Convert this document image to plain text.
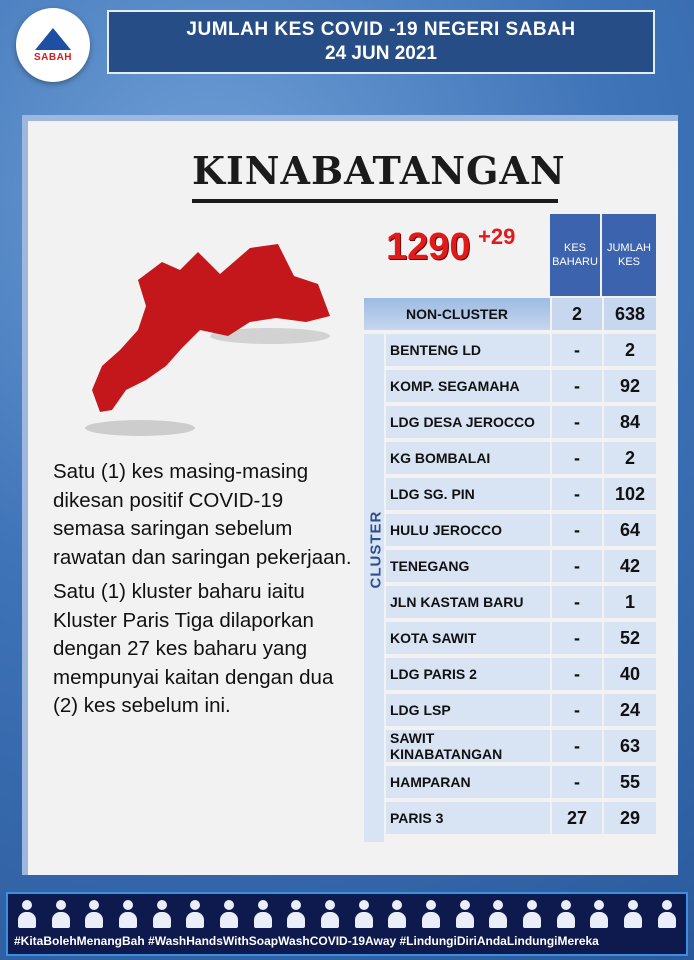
SABAH
JUMLAH KES COVID -19 NEGERI SABAH
24 JUN 2021
KINABATANGAN
1290 +29

Satu (1) kes masing-masing dikesan positif COVID-19 semasa saringan sebelum rawatan dan saringan pekerjaan.

Satu (1) kluster baharu iaitu Kluster Paris Tiga dilaporkan dengan 27 kes baharu yang mempunyai kaitan dengan dua (2) kes sebelum ini.

KES BAHARU
JUMLAH KES
NON-CLUSTER	2	638
CLUSTER
BENTENG LD	-	2
KOMP. SEGAMAHA	-	92
LDG DESA JEROCCO	-	84
KG BOMBALAI	-	2
LDG SG. PIN	-	102
HULU JEROCCO	-	64
TENEGANG	-	42
JLN KASTAM BARU	-	1
KOTA SAWIT	-	52
LDG PARIS 2	-	40
LDG LSP	-	24
SAWIT KINABATANGAN	-	63
HAMPARAN	-	55
PARIS 3	27	29
#KitaBolehMenangBah #WashHandsWithSoapWashCOVID-19Away #LindungiDiriAndaLindungiMereka
